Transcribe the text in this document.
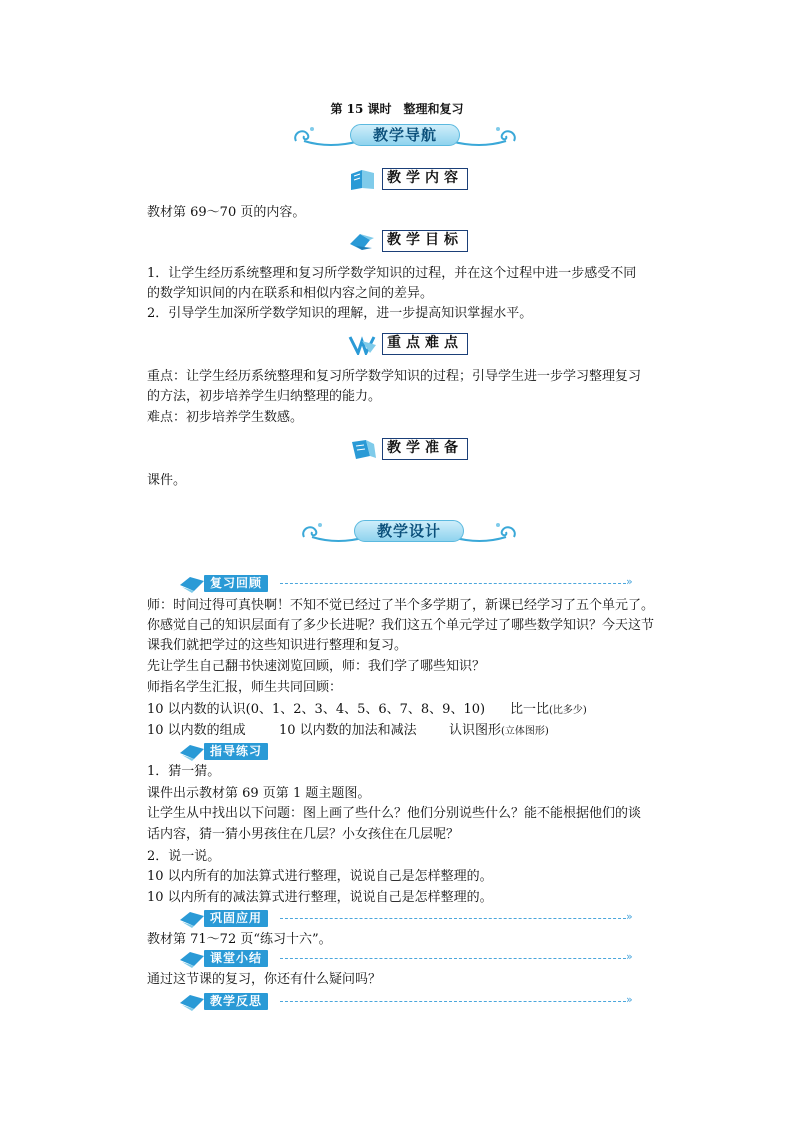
第 15 课时　整理和复习
教学导航
教学内容
教材第 69～70 页的内容。
教学目标
1．让学生经历系统整理和复习所学数学知识的过程，并在这个过程中进一步感受不同
的数学知识间的内在联系和相似内容之间的差异。
2．引导学生加深所学数学知识的理解，进一步提高知识掌握水平。
重点难点
重点：让学生经历系统整理和复习所学数学知识的过程；引导学生进一步学习整理复习
的方法，初步培养学生归纳整理的能力。
难点：初步培养学生数感。
教学准备
课件。
教学设计
复习回顾	»
师：时间过得可真快啊！不知不觉已经过了半个多学期了，新课已经学习了五个单元了。
你感觉自己的知识层面有了多少长进呢？我们这五个单元学过了哪些数学知识？今天这节
课我们就把学过的这些知识进行整理和复习。
先让学生自己翻书快速浏览回顾，师：我们学了哪些知识？
师指名学生汇报，师生共同回顾：
10 以内数的认识(0、1、2、3、4、5、6、7、8、9、10) 比一比(比多少)
10 以内数的组成	10 以内数的加法和减法 认识图形(立体图形)
指导练习
1．猜一猜。
课件出示教材第 69 页第 1 题主题图。
让学生从中找出以下问题：图上画了些什么？他们分别说些什么？能不能根据他们的谈
话内容，猜一猜小男孩住在几层？小女孩住在几层呢？
2．说一说。
10 以内所有的加法算式进行整理，说说自己是怎样整理的。
10 以内所有的减法算式进行整理，说说自己是怎样整理的。
巩固应用	»
教材第 71～72 页“练习十六”。
课堂小结	»
通过这节课的复习，你还有什么疑问吗？
教学反思	»
